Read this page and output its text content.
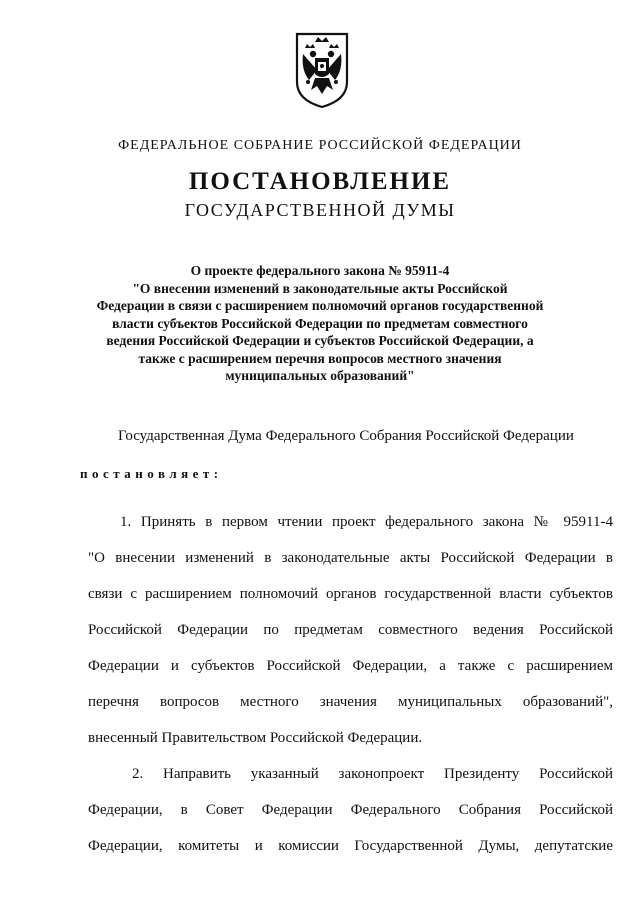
ФЕДЕРАЛЬНОЕ СОБРАНИЕ РОССИЙСКОЙ ФЕДЕРАЦИИ
ПОСТАНОВЛЕНИЕ
ГОСУДАРСТВЕННОЙ ДУМЫ
О проекте федерального закона № 95911-4
"О внесении изменений в законодательные акты Российской
Федерации в связи с расширением полномочий органов государственной
власти субъектов Российской Федерации по предметам совместного
ведения Российской Федерации и субъектов Российской Федерации, а
также с расширением перечня вопросов местного значения
муниципальных образований"
Государственная Дума Федерального Собрания Российской Федерации
постановляет:
1. Принять в первом чтении проект федерального закона № 95911-4
"О внесении изменений в законодательные акты Российской Федерации в
связи с расширением полномочий органов государственной власти субъектов
Российской Федерации по предметам совместного ведения Российской
Федерации и субъектов Российской Федерации, а также с расширением
перечня вопросов местного значения муниципальных образований",
внесенный Правительством Российской Федерации.
2. Направить указанный законопроект Президенту Российской
Федерации, в Совет Федерации Федерального Собрания Российской
Федерации, комитеты и комиссии Государственной Думы, депутатские
